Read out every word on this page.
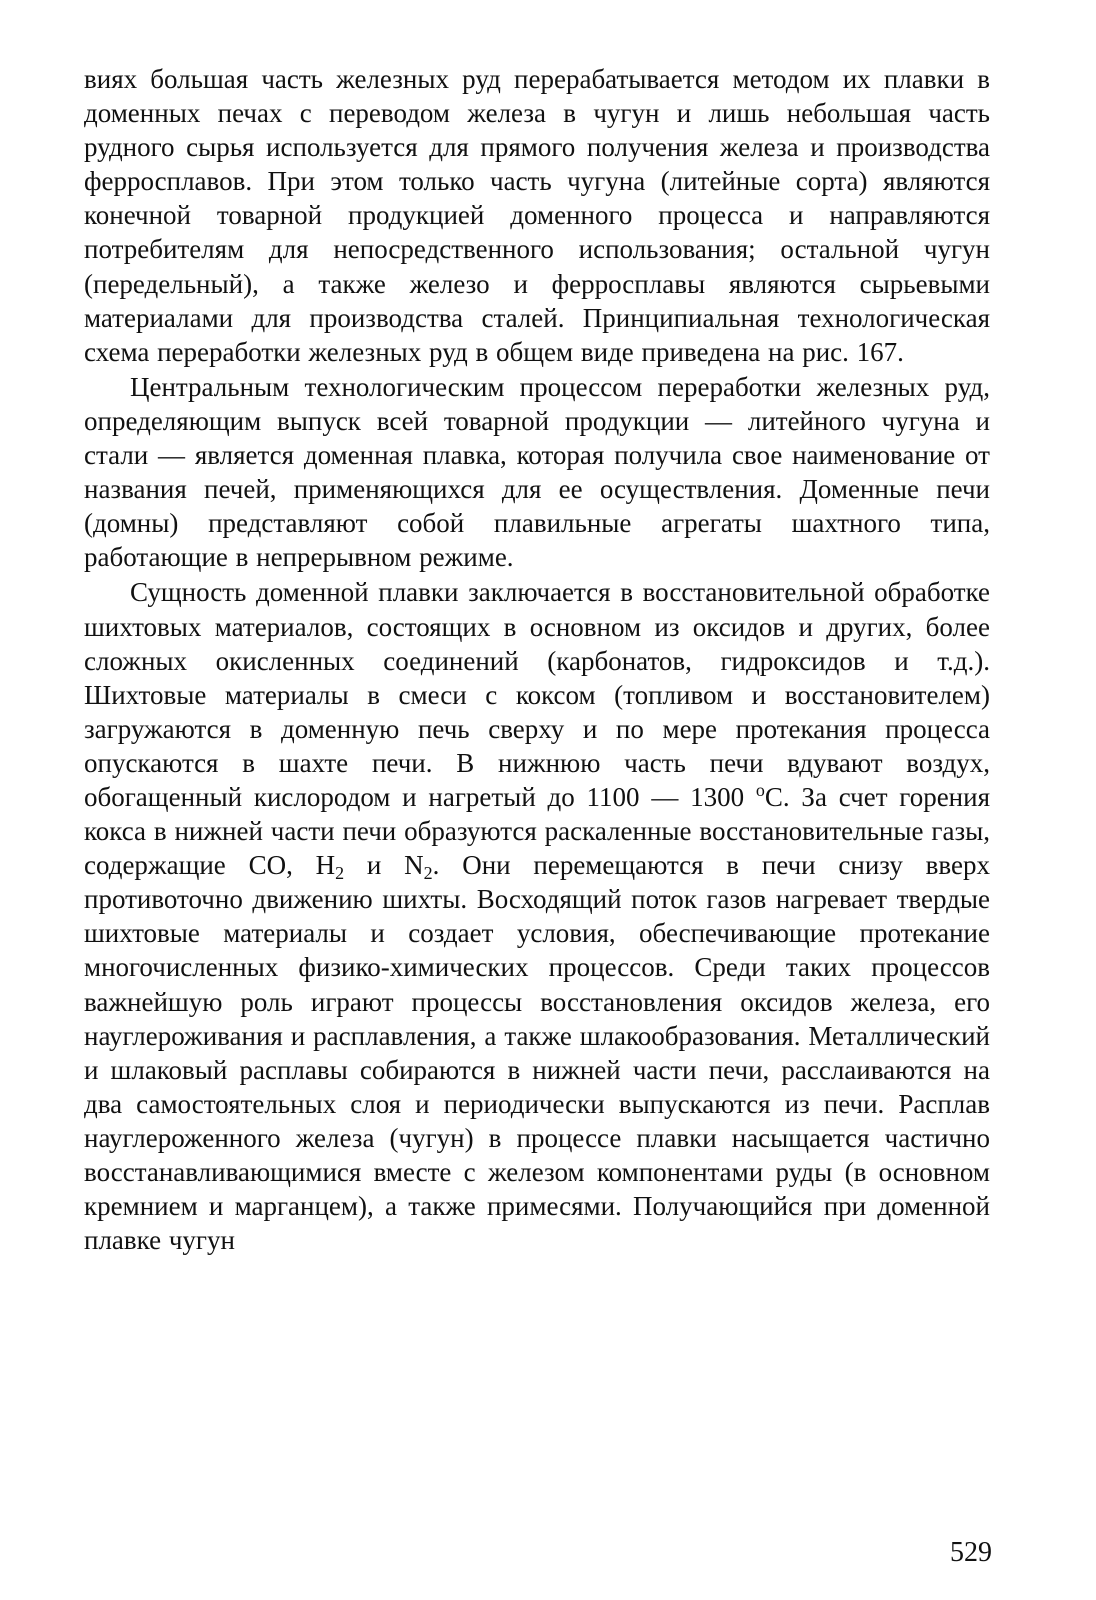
виях большая часть железных руд перерабатывается методом их плавки в доменных печах с переводом железа в чугун и лишь небольшая часть рудного сырья используется для прямого получения железа и производства ферросплавов. При этом только часть чугуна (литейные сорта) являются конечной товарной продукцией доменного процесса и направляются потребителям для непосредственного использования; остальной чугун (передельный), а также железо и ферросплавы являются сырьевыми материалами для производства сталей. Принципиальная технологическая схема переработки железных руд в общем виде приведена на рис. 167.

Центральным технологическим процессом переработки железных руд, определяющим выпуск всей товарной продукции — литейного чугуна и стали — является доменная плавка, которая получила свое наименование от названия печей, применяющихся для ее осуществления. Доменные печи (домны) представляют собой плавильные агрегаты шахтного типа, работающие в непрерывном режиме.

Сущность доменной плавки заключается в восстановительной обработке шихтовых материалов, состоящих в основном из оксидов и других, более сложных окисленных соединений (карбонатов, гидроксидов и т.д.). Шихтовые материалы в смеси с коксом (топливом и восстановителем) загружаются в доменную печь сверху и по мере протекания процесса опускаются в шахте печи. В нижнюю часть печи вдувают воздух, обогащенный кислородом и нагретый до 1100 — 1300 $^o$С. За счет горения кокса в нижней части печи образуются раскаленные восстановительные газы, содержащие СО, $Н_2$ и $N_2$. Они перемещаются в печи снизу вверх противоточно движению шихты. Восходящий поток газов нагревает твердые шихтовые материалы и создает условия, обеспечивающие протекание многочисленных физико-химических процессов. Среди таких процессов важнейшую роль играют процессы восстановления оксидов железа, его науглероживания и расплавления, а также шлакообразования. Металлический и шлаковый расплавы собираются в нижней части печи, расслаиваются на два самостоятельных слоя и периодически выпускаются из печи. Расплав науглероженного железа (чугун) в процессе плавки насыщается частично восстанавливающимися вместе с железом компонентами руды (в основном кремнием и марганцем), а также примесями. Получающийся при доменной плавке чугун

529
